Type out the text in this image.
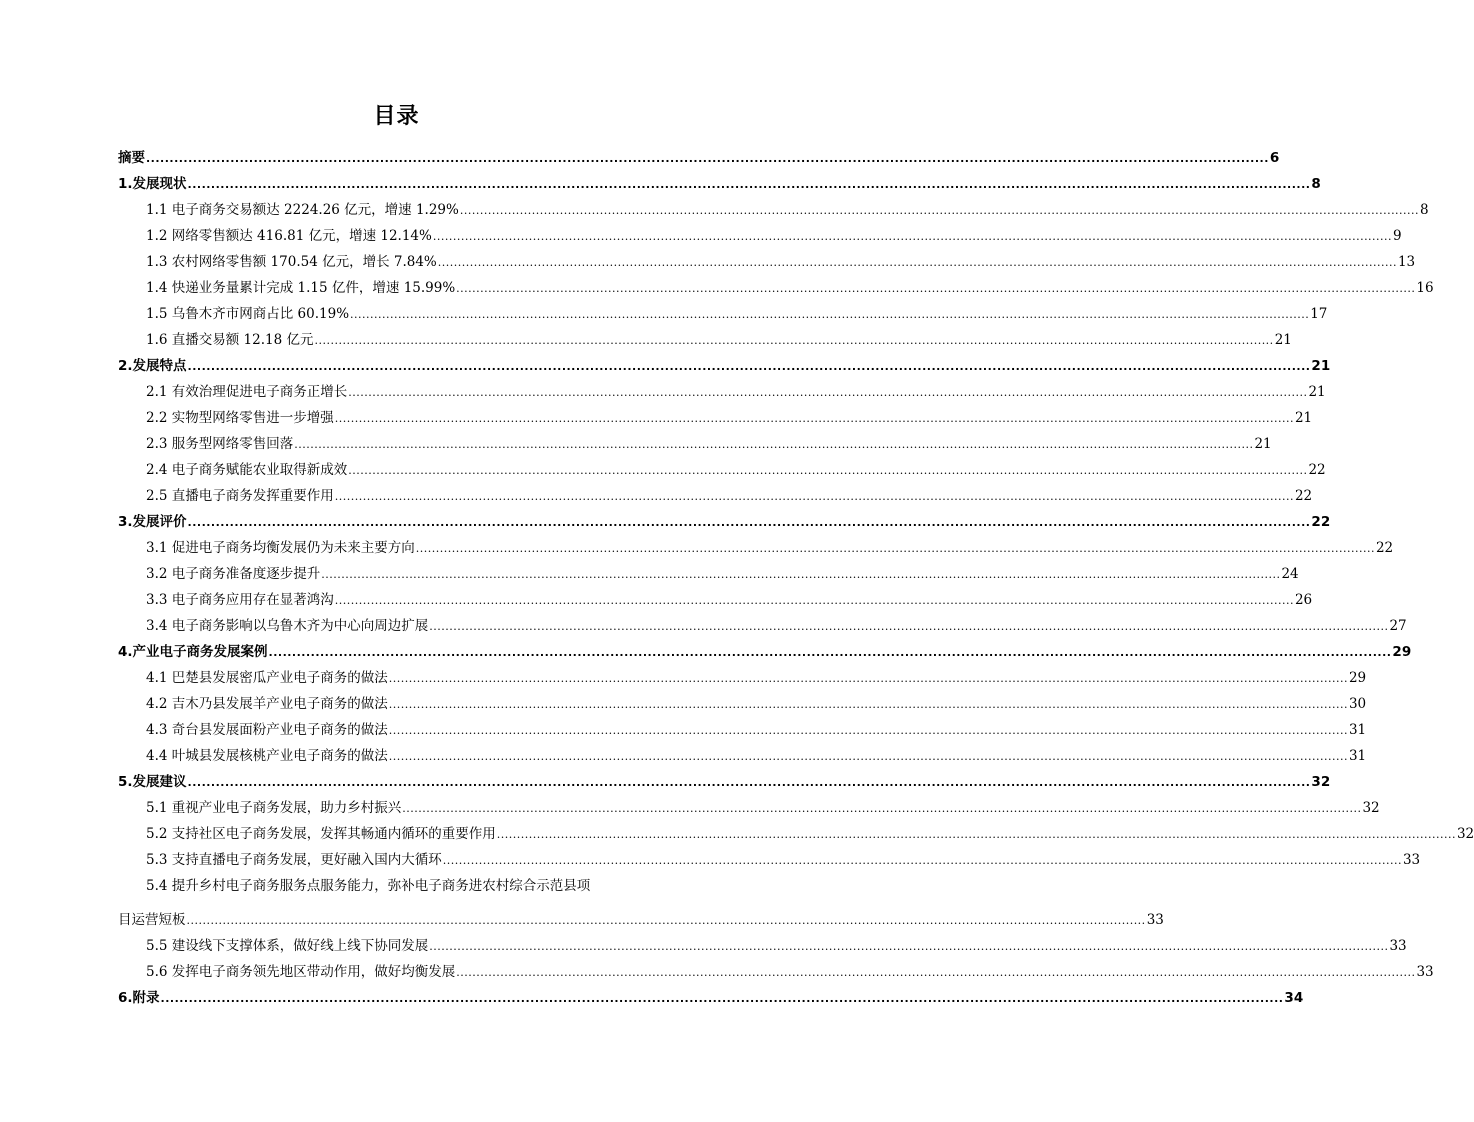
目录
摘要 ................................................................................................................................................................................................................................................ 6
1.发展现状 ................................................................................................................................................................................................................................................ 8
1.1 电子商务交易额达 2224.26 亿元，增速 1.29% ................................................................................................................................................................................................................................................ 8
1.2 网络零售额达 416.81 亿元，增速 12.14% ................................................................................................................................................................................................................................................ 9
1.3 农村网络零售额 170.54 亿元，增长 7.84% ................................................................................................................................................................................................................................................ 13
1.4 快递业务量累计完成 1.15 亿件，增速 15.99% ................................................................................................................................................................................................................................................ 16
1.5 乌鲁木齐市网商占比 60.19% ................................................................................................................................................................................................................................................ 17
1.6 直播交易额 12.18 亿元 ................................................................................................................................................................................................................................................ 21
2.发展特点 ................................................................................................................................................................................................................................................ 21
2.1 有效治理促进电子商务正增长 ................................................................................................................................................................................................................................................ 21
2.2 实物型网络零售进一步增强 ................................................................................................................................................................................................................................................ 21
2.3 服务型网络零售回落 ................................................................................................................................................................................................................................................ 21
2.4 电子商务赋能农业取得新成效 ................................................................................................................................................................................................................................................ 22
2.5 直播电子商务发挥重要作用 ................................................................................................................................................................................................................................................ 22
3.发展评价 ................................................................................................................................................................................................................................................ 22
3.1 促进电子商务均衡发展仍为未来主要方向 ................................................................................................................................................................................................................................................ 22
3.2 电子商务准备度逐步提升 ................................................................................................................................................................................................................................................ 24
3.3 电子商务应用存在显著鸿沟 ................................................................................................................................................................................................................................................ 26
3.4 电子商务影响以乌鲁木齐为中心向周边扩展 ................................................................................................................................................................................................................................................ 27
4.产业电子商务发展案例 ................................................................................................................................................................................................................................................ 29
4.1 巴楚县发展密瓜产业电子商务的做法 ................................................................................................................................................................................................................................................ 29
4.2 吉木乃县发展羊产业电子商务的做法 ................................................................................................................................................................................................................................................ 30
4.3 奇台县发展面粉产业电子商务的做法 ................................................................................................................................................................................................................................................ 31
4.4 叶城县发展核桃产业电子商务的做法 ................................................................................................................................................................................................................................................ 31
5.发展建议 ................................................................................................................................................................................................................................................ 32
5.1 重视产业电子商务发展，助力乡村振兴 ................................................................................................................................................................................................................................................ 32
5.2 支持社区电子商务发展，发挥其畅通内循环的重要作用 ................................................................................................................................................................................................................................................ 32
5.3 支持直播电子商务发展，更好融入国内大循环 ................................................................................................................................................................................................................................................ 33
5.4 提升乡村电子商务服务点服务能力，弥补电子商务进农村综合示范县项
目运营短板 ................................................................................................................................................................................................................................................ 33
5.5 建设线下支撑体系，做好线上线下协同发展 ................................................................................................................................................................................................................................................ 33
5.6 发挥电子商务领先地区带动作用，做好均衡发展 ................................................................................................................................................................................................................................................ 33
6.附录 ................................................................................................................................................................................................................................................ 34
